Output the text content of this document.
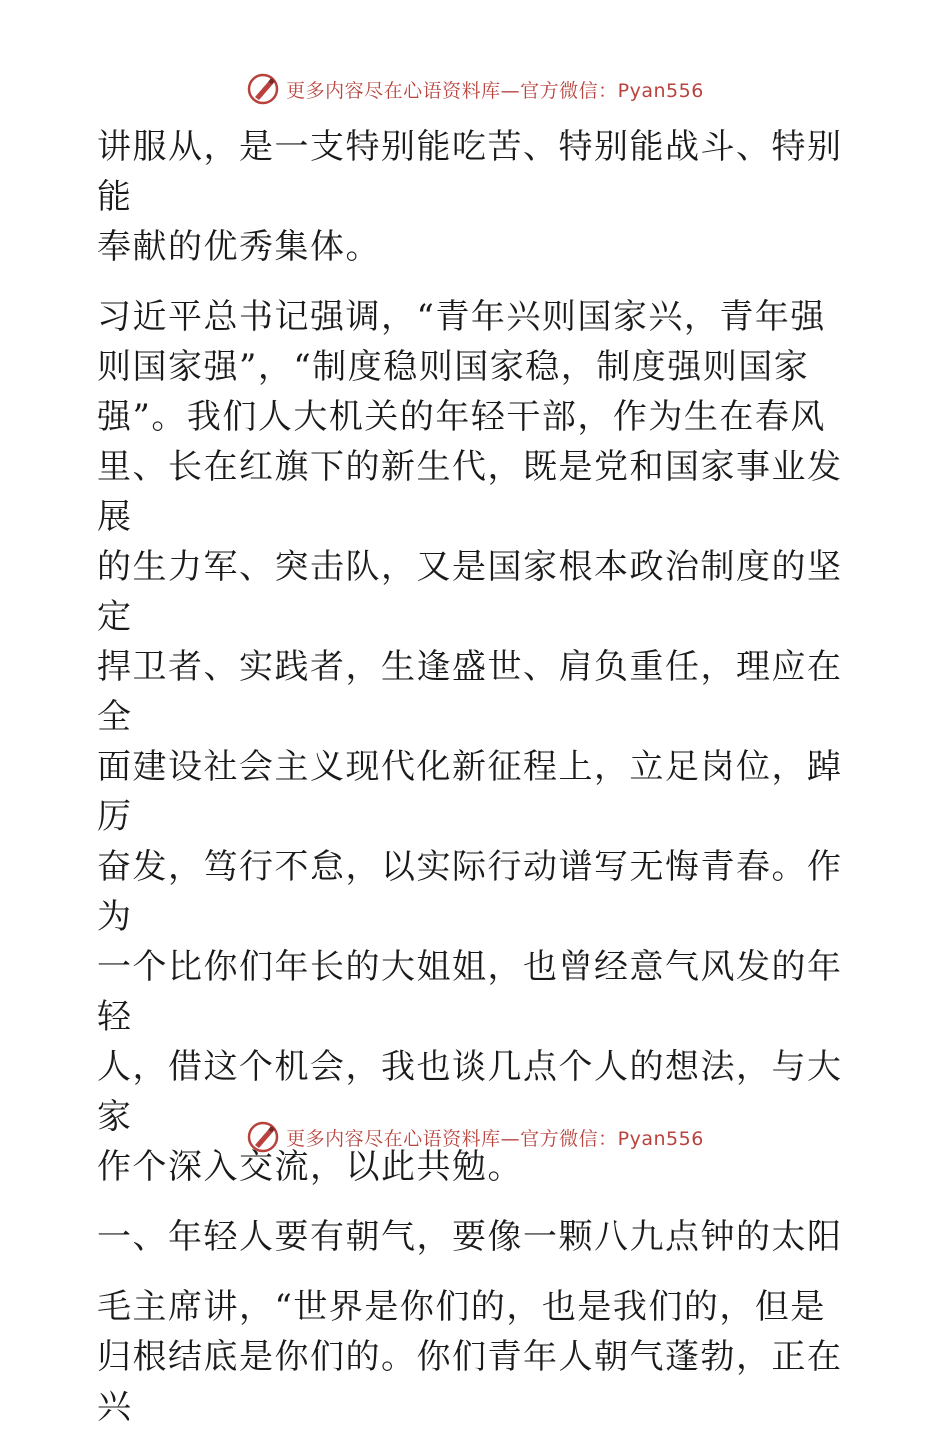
更多内容尽在心语资料库—官方微信：Pyan556

讲服从，是一支特别能吃苦、特别能战斗、特别能
奉献的优秀集体。

习近平总书记强调，“青年兴则国家兴，青年强
则国家强”，“制度稳则国家稳，制度强则国家
强”。我们人大机关的年轻干部，作为生在春风
里、长在红旗下的新生代，既是党和国家事业发展
的生力军、突击队，又是国家根本政治制度的坚定
捍卫者、实践者，生逢盛世、肩负重任，理应在全
面建设社会主义现代化新征程上，立足岗位，踔厉
奋发，笃行不怠，以实际行动谱写无悔青春。作为
一个比你们年长的大姐姐，也曾经意气风发的年轻
人，借这个机会，我也谈几点个人的想法，与大家
作个深入交流，以此共勉。

一、年轻人要有朝气，要像一颗八九点钟的太阳

毛主席讲，“世界是你们的，也是我们的，但是
归根结底是你们的。你们青年人朝气蓬勃，正在兴

更多内容尽在心语资料库—官方微信：Pyan556
